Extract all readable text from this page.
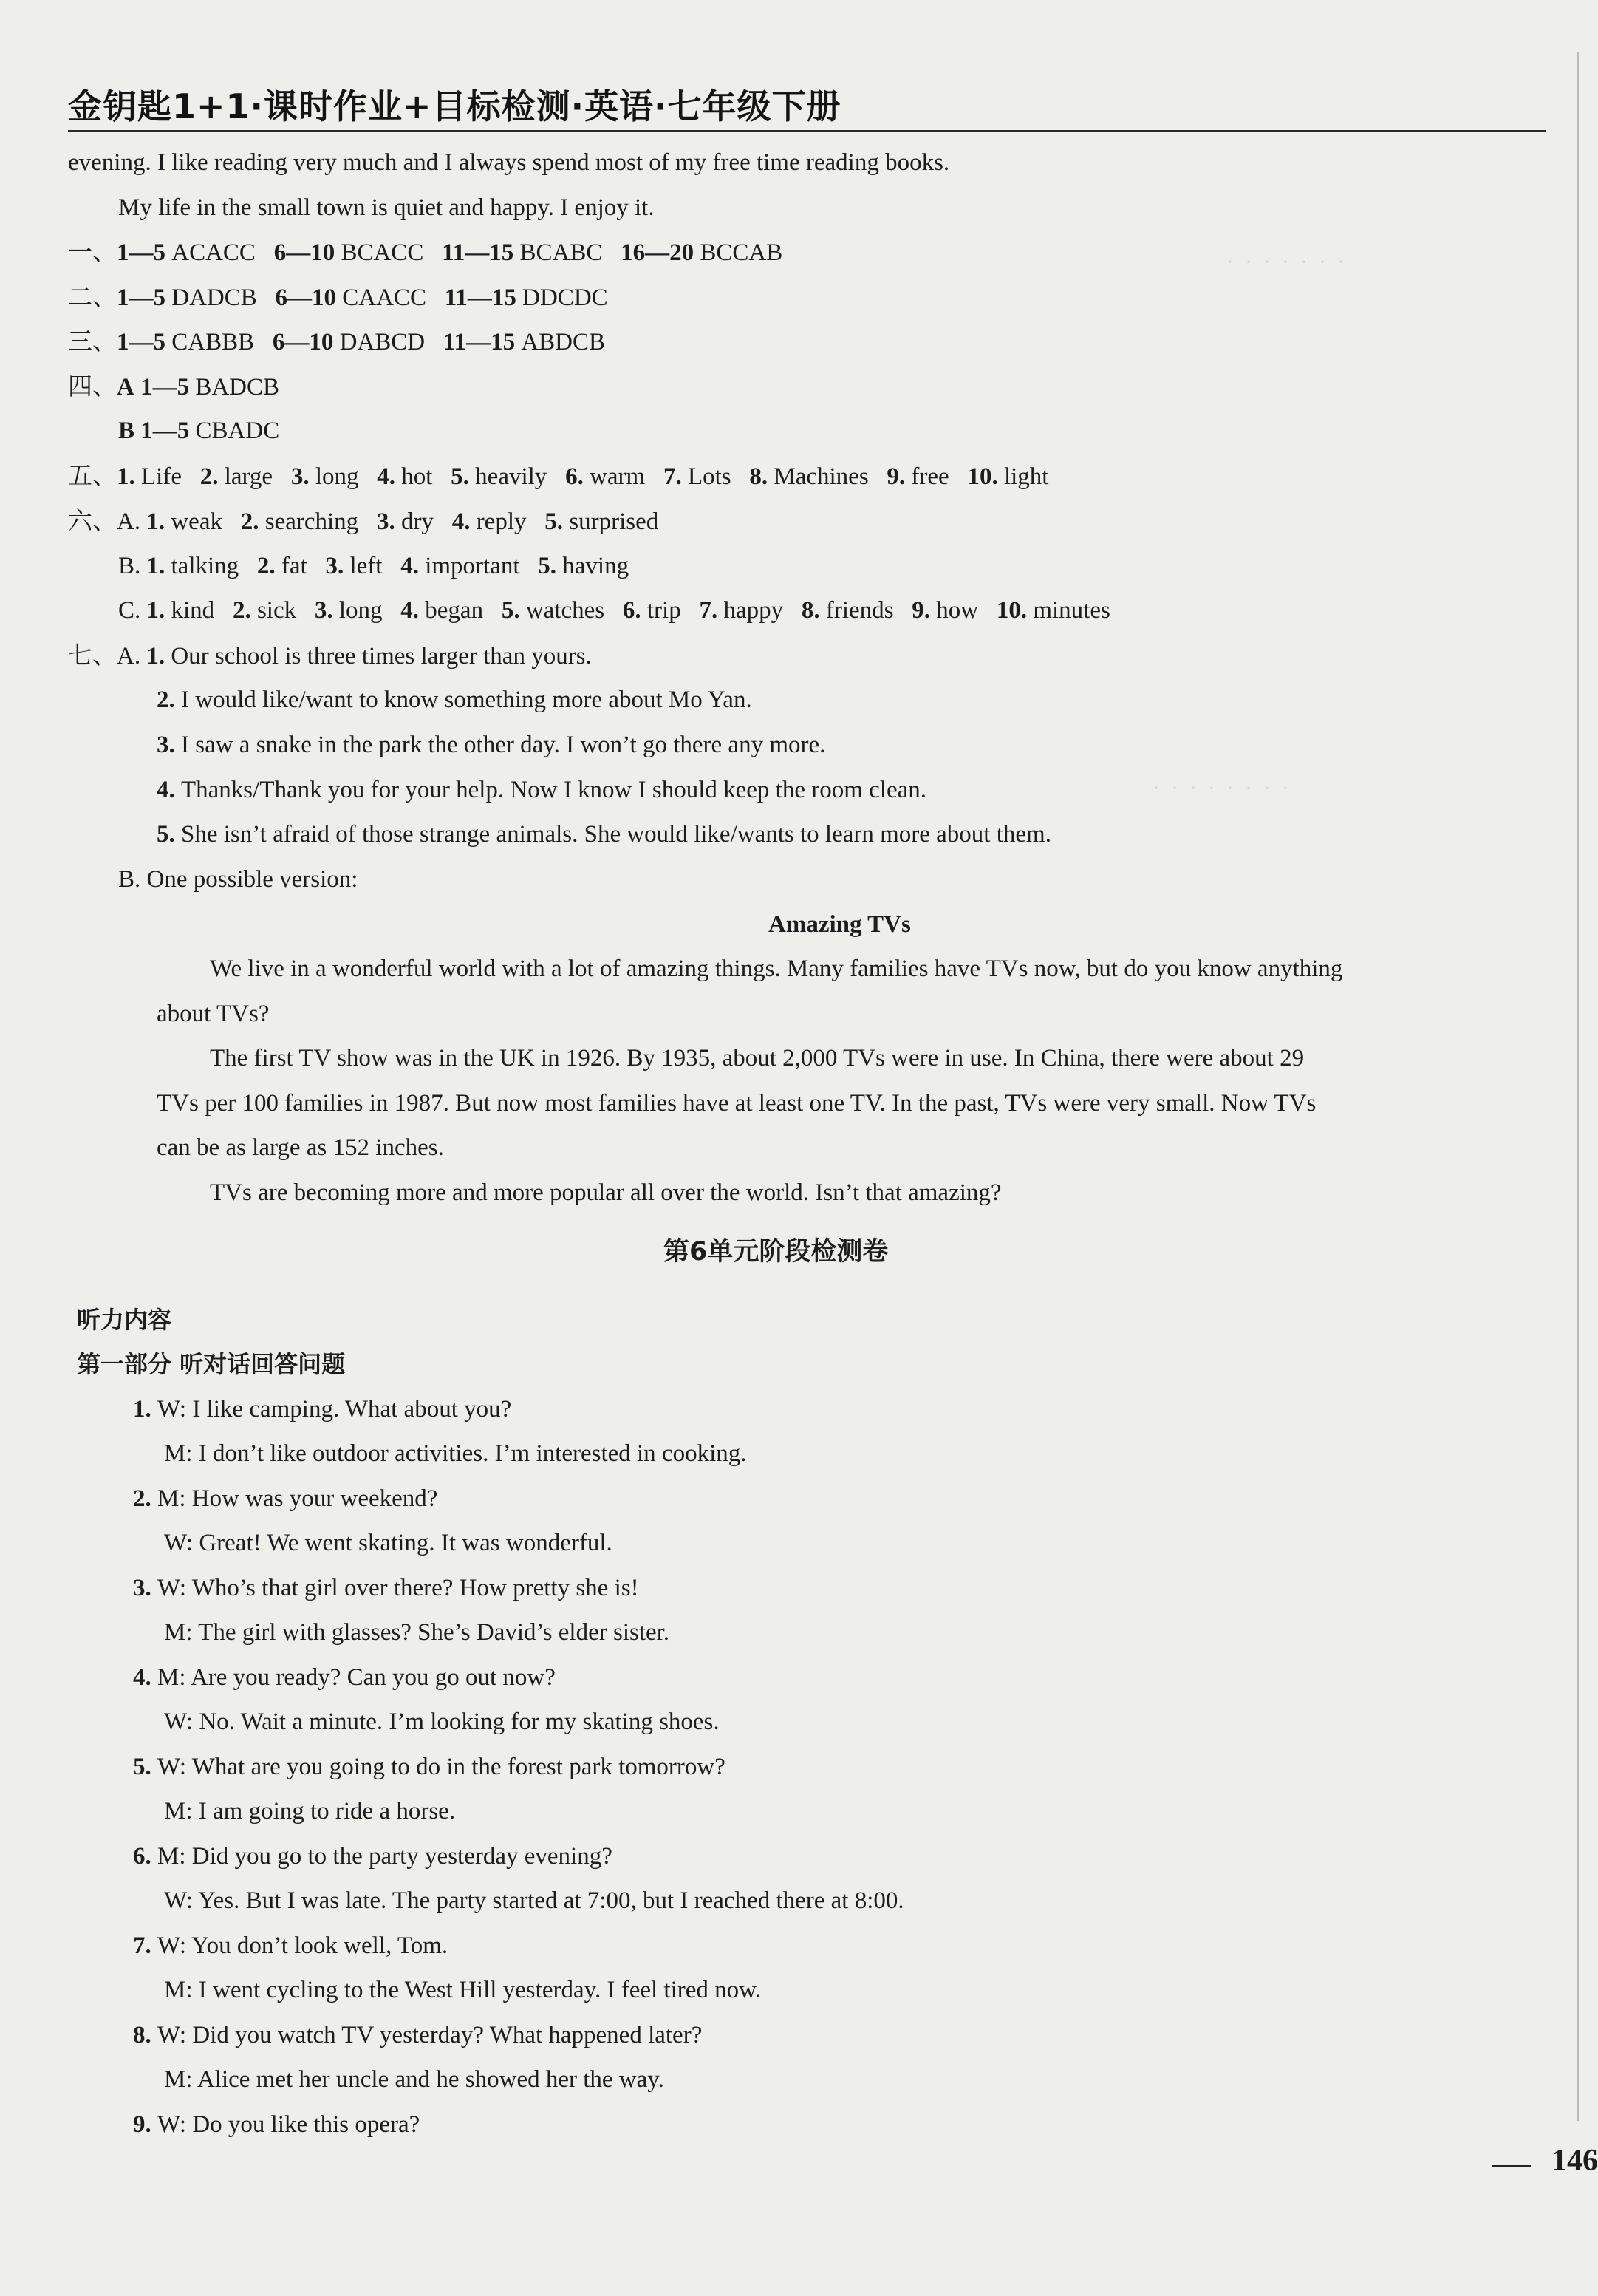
金钥匙1+1·课时作业+目标检测·英语·七年级下册
·  ·  ·  ·  ·  ·  ·
·  ·  ·  ·  ·  ·  ·  ·
evening. I like reading very much and I always spend most of my free time reading books.
My life in the small town is quiet and happy. I enjoy it.
一、1—5 ACACC 6—10 BCACC 11—15 BCABC 16—20 BCCAB
二、1—5 DADCB 6—10 CAACC 11—15 DDCDC
三、1—5 CABBB 6—10 DABCD 11—15 ABDCB
四、A 1—5 BADCB
B 1—5 CBADC
五、1. Life 2. large 3. long 4. hot 5. heavily 6. warm 7. Lots 8. Machines 9. free 10. light
六、A. 1. weak 2. searching 3. dry 4. reply 5. surprised
B. 1. talking 2. fat 3. left 4. important 5. having
C. 1. kind 2. sick 3. long 4. began 5. watches 6. trip 7. happy 8. friends 9. how 10. minutes
七、A. 1. Our school is three times larger than yours.
2. I would like/want to know something more about Mo Yan.
3. I saw a snake in the park the other day. I won’t go there any more.
4. Thanks/Thank you for your help. Now I know I should keep the room clean.
5. She isn’t afraid of those strange animals. She would like/wants to learn more about them.
B. One possible version:
Amazing TVs
We live in a wonderful world with a lot of amazing things. Many families have TVs now, but do you know anything
about TVs?
The first TV show was in the UK in 1926. By 1935, about 2,000 TVs were in use. In China, there were about 29
TVs per 100 families in 1987. But now most families have at least one TV. In the past, TVs were very small. Now TVs
can be as large as 152 inches.
TVs are becoming more and more popular all over the world. Isn’t that amazing?
第6单元阶段检测卷
听力内容
第一部分 听对话回答问题
1. W: I like camping. What about you?
M: I don’t like outdoor activities. I’m interested in cooking.
2. M: How was your weekend?
W: Great! We went skating. It was wonderful.
3. W: Who’s that girl over there? How pretty she is!
M: The girl with glasses? She’s David’s elder sister.
4. M: Are you ready? Can you go out now?
W: No. Wait a minute. I’m looking for my skating shoes.
5. W: What are you going to do in the forest park tomorrow?
M: I am going to ride a horse.
6. M: Did you go to the party yesterday evening?
W: Yes. But I was late. The party started at 7:00, but I reached there at 8:00.
7. W: You don’t look well, Tom.
M: I went cycling to the West Hill yesterday. I feel tired now.
8. W: Did you watch TV yesterday? What happened later?
M: Alice met her uncle and he showed her the way.
9. W: Do you like this opera?
146
